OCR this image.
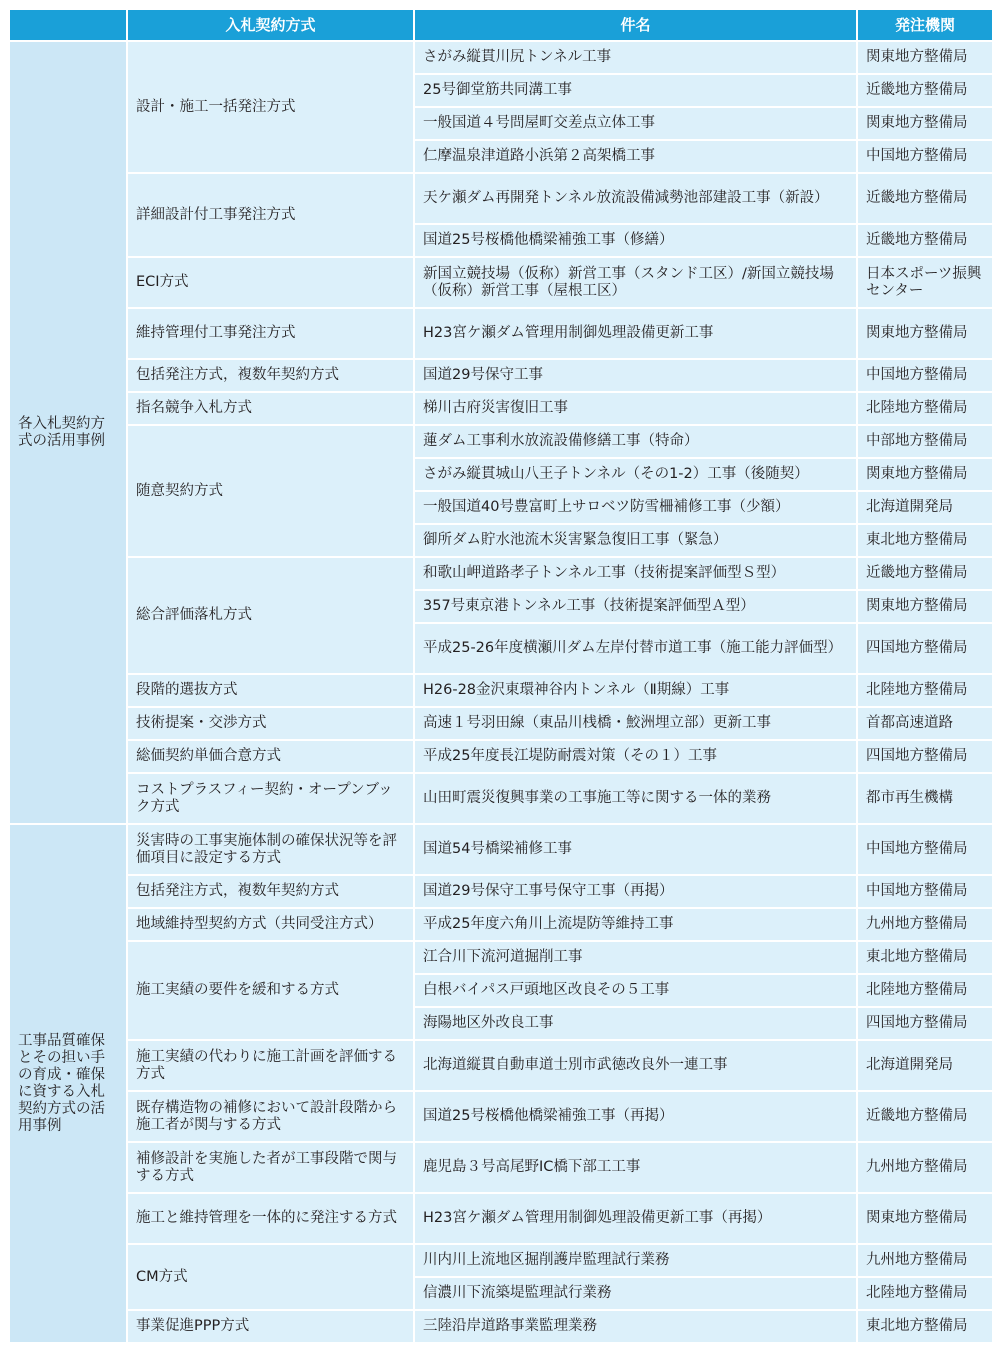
	入札契約方式	件名	発注機関
各入札契約方式の活用事例	設計・施工一括発注方式	さがみ縦貫川尻トンネル工事	関東地方整備局
		25号御堂筋共同溝工事	近畿地方整備局
		一般国道４号問屋町交差点立体工事	関東地方整備局
		仁摩温泉津道路小浜第２高架橋工事	中国地方整備局
	詳細設計付工事発注方式	天ケ瀬ダム再開発トンネル放流設備減勢池部建設工事（新設）	近畿地方整備局
		国道25号桜橋他橋梁補強工事（修繕）	近畿地方整備局
	ECI方式	新国立競技場（仮称）新営工事（スタンド工区）/新国立競技場（仮称）新営工事（屋根工区）	日本スポーツ振興センター
	維持管理付工事発注方式	H23宮ケ瀬ダム管理用制御処理設備更新工事	関東地方整備局
	包括発注方式，複数年契約方式	国道29号保守工事	中国地方整備局
	指名競争入札方式	梯川古府災害復旧工事	北陸地方整備局
	随意契約方式	蓮ダム工事利水放流設備修繕工事（特命）	中部地方整備局
		さがみ縦貫城山八王子トンネル（その1-2）工事（後随契）	関東地方整備局
		一般国道40号豊富町上サロベツ防雪柵補修工事（少額）	北海道開発局
		御所ダム貯水池流木災害緊急復旧工事（緊急）	東北地方整備局
	総合評価落札方式	和歌山岬道路孝子トンネル工事（技術提案評価型Ｓ型）	近畿地方整備局
		357号東京港トンネル工事（技術提案評価型Ａ型）	関東地方整備局
		平成25-26年度横瀬川ダム左岸付替市道工事（施工能力評価型）	四国地方整備局
	段階的選抜方式	H26-28金沢東環神谷内トンネル（Ⅱ期線）工事	北陸地方整備局
	技術提案・交渉方式	高速１号羽田線（東品川桟橋・鮫洲埋立部）更新工事	首都高速道路
	総価契約単価合意方式	平成25年度長江堤防耐震対策（その１）工事	四国地方整備局
	コストプラスフィー契約・オープンブック方式	山田町震災復興事業の工事施工等に関する一体的業務	都市再生機構
工事品質確保とその担い手の育成・確保に資する入札契約方式の活用事例	災害時の工事実施体制の確保状況等を評価項目に設定する方式	国道54号橋梁補修工事	中国地方整備局
	包括発注方式，複数年契約方式	国道29号保守工事号保守工事（再掲）	中国地方整備局
	地域維持型契約方式（共同受注方式）	平成25年度六角川上流堤防等維持工事	九州地方整備局
	施工実績の要件を緩和する方式	江合川下流河道掘削工事	東北地方整備局
		白根バイパス戸頭地区改良その５工事	北陸地方整備局
		海陽地区外改良工事	四国地方整備局
	施工実績の代わりに施工計画を評価する方式	北海道縦貫自動車道士別市武徳改良外一連工事	北海道開発局
	既存構造物の補修において設計段階から施工者が関与する方式	国道25号桜橋他橋梁補強工事（再掲）	近畿地方整備局
	補修設計を実施した者が工事段階で関与する方式	鹿児島３号高尾野IC橋下部工工事	九州地方整備局
	施工と維持管理を一体的に発注する方式	H23宮ケ瀬ダム管理用制御処理設備更新工事（再掲）	関東地方整備局
	CM方式	川内川上流地区掘削護岸監理試行業務	九州地方整備局
		信濃川下流築堤監理試行業務	北陸地方整備局
	事業促進PPP方式	三陸沿岸道路事業監理業務	東北地方整備局
